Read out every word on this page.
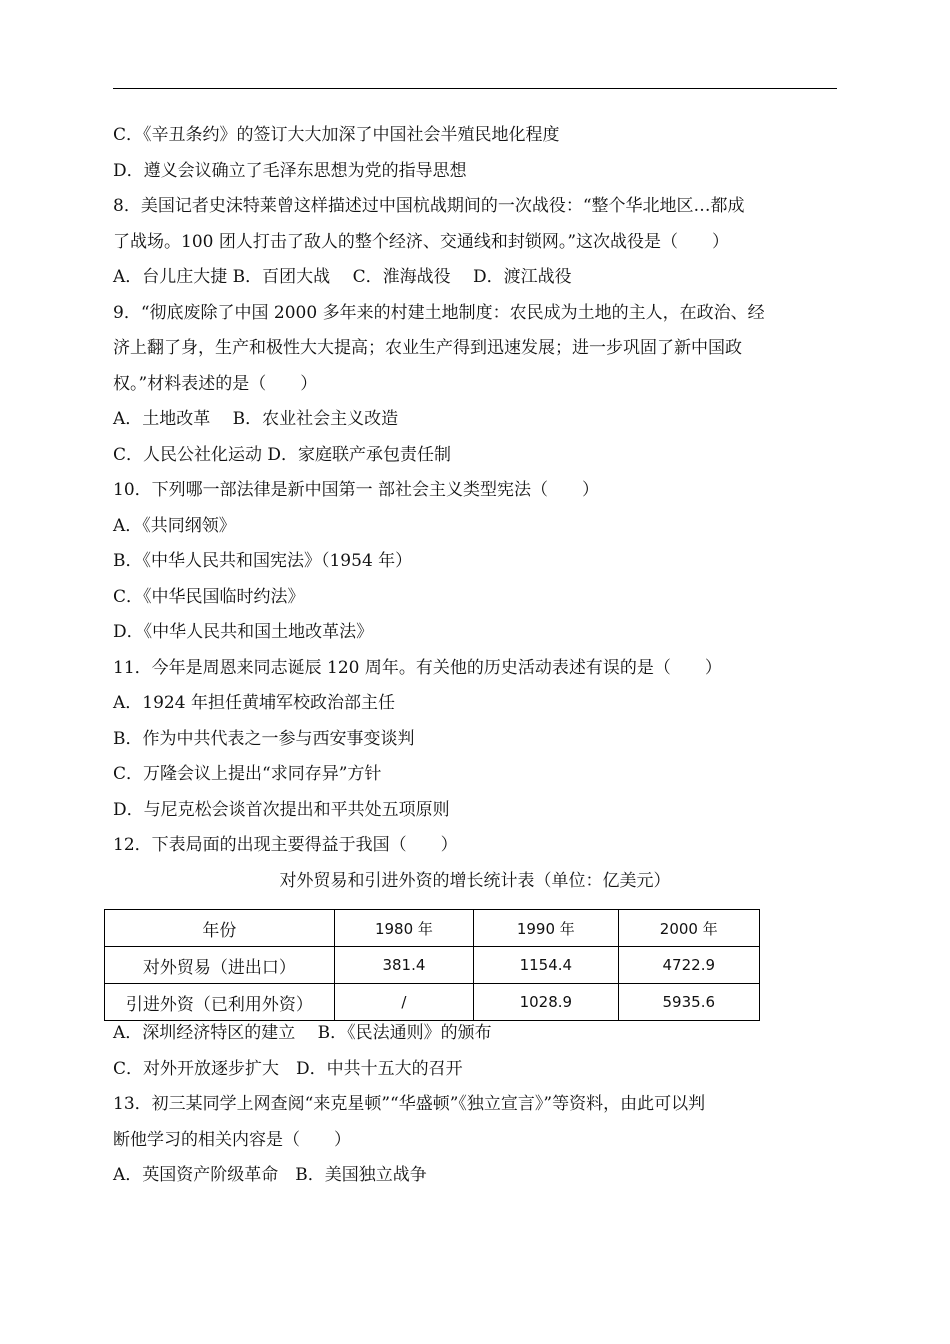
C．《辛丑条约》的签订大大加深了中国社会半殖民地化程度
D．遵义会议确立了毛泽东思想为党的指导思想
8．美国记者史沫特莱曾这样描述过中国杭战期间的一次战役：“整个华北地区…都成
了战场。100 团人打击了敌人的整个经济、交通线和封锁网。”这次战役是（　　）
A．台儿庄大捷 B．百团大战　 C．淮海战役　 D．渡江战役
9．“彻底废除了中国 2000 多年来的村建土地制度：农民成为土地的主人，在政治、经
济上翻了身，生产和极性大大提高；农业生产得到迅速发展；进一步巩固了新中国政
权。”材料表述的是（　　）
A．土地改革　 B．农业社会主义改造
C．人民公社化运动 D．家庭联产承包责任制
10．下列哪一部法律是新中国第一 部社会主义类型宪法（　　）
A．《共同纲领》
B．《中华人民共和国宪法》（1954 年）
C．《中华民国临时约法》
D．《中华人民共和国土地改革法》
11．今年是周恩来同志诞辰 120 周年。有关他的历史活动表述有误的是（　　）
A．1924 年担任黄埔军校政治部主任
B．作为中共代表之一参与西安事变谈判
C．万隆会议上提出“求同存异”方针
D．与尼克松会谈首次提出和平共处五项原则
12．下表局面的出现主要得益于我国（　　）
对外贸易和引进外资的增长统计表（单位：亿美元）
年份	1980 年	1990 年	2000 年
对外贸易（进出口）	381.4	1154.4	4722.9
引进外资（已利用外资）	/	1028.9	5935.6
A．深圳经济特区的建立　 B．《民法通则》的颁布
C．对外开放逐步扩大　D．中共十五大的召开
13．初三某同学上网查阅“来克星顿”“华盛顿”《独立宣言》”等资料，由此可以判
断他学习的相关内容是（　　）
A．英国资产阶级革命　B．美国独立战争
